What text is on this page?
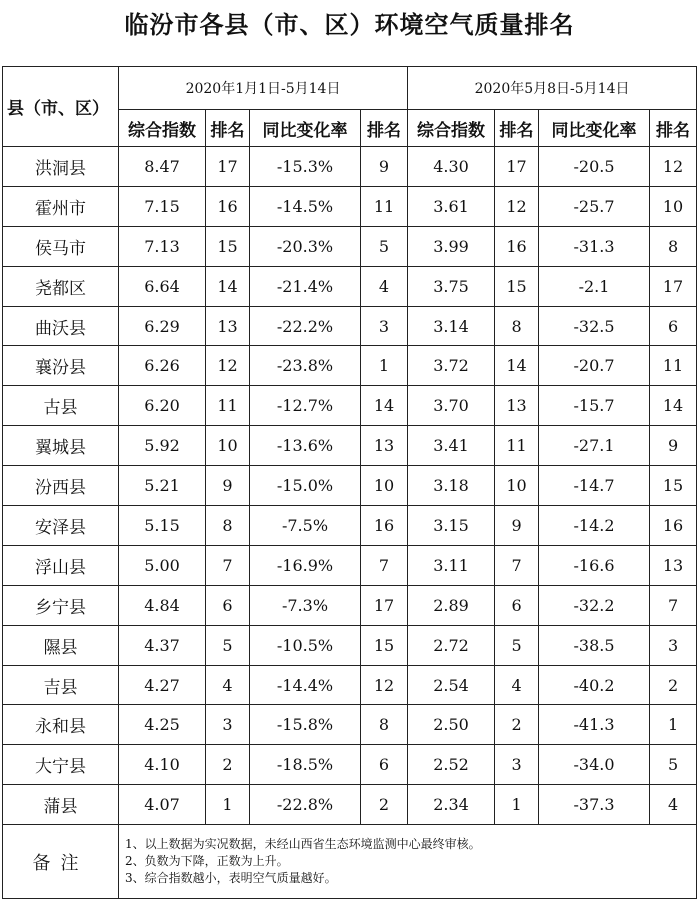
临汾市各县（市、区）环境空气质量排名
县（市、区）	2020年1月1日-5月14日				2020年5月8日-5月14日			
	综合指数	排名	同比变化率	排名	综合指数	排名	同比变化率	排名
洪洞县	8.47	17	-15.3%	9	4.30	17	-20.5	12
霍州市	7.15	16	-14.5%	11	3.61	12	-25.7	10
侯马市	7.13	15	-20.3%	5	3.99	16	-31.3	8
尧都区	6.64	14	-21.4%	4	3.75	15	-2.1	17
曲沃县	6.29	13	-22.2%	3	3.14	8	-32.5	6
襄汾县	6.26	12	-23.8%	1	3.72	14	-20.7	11
古县	6.20	11	-12.7%	14	3.70	13	-15.7	14
翼城县	5.92	10	-13.6%	13	3.41	11	-27.1	9
汾西县	5.21	9	-15.0%	10	3.18	10	-14.7	15
安泽县	5.15	8	-7.5%	16	3.15	9	-14.2	16
浮山县	5.00	7	-16.9%	7	3.11	7	-16.6	13
乡宁县	4.84	6	-7.3%	17	2.89	6	-32.2	7
隰县	4.37	5	-10.5%	15	2.72	5	-38.5	3
吉县	4.27	4	-14.4%	12	2.54	4	-40.2	2
永和县	4.25	3	-15.8%	8	2.50	2	-41.3	1
大宁县	4.10	2	-18.5%	6	2.52	3	-34.0	5
蒲县	4.07	1	-22.8%	2	2.34	1	-37.3	4
备注	1、以上数据为实况数据，未经山西省生态环境监测中心最终审核。
2、负数为下降，正数为上升。
3、综合指数越小，表明空气质量越好。							
